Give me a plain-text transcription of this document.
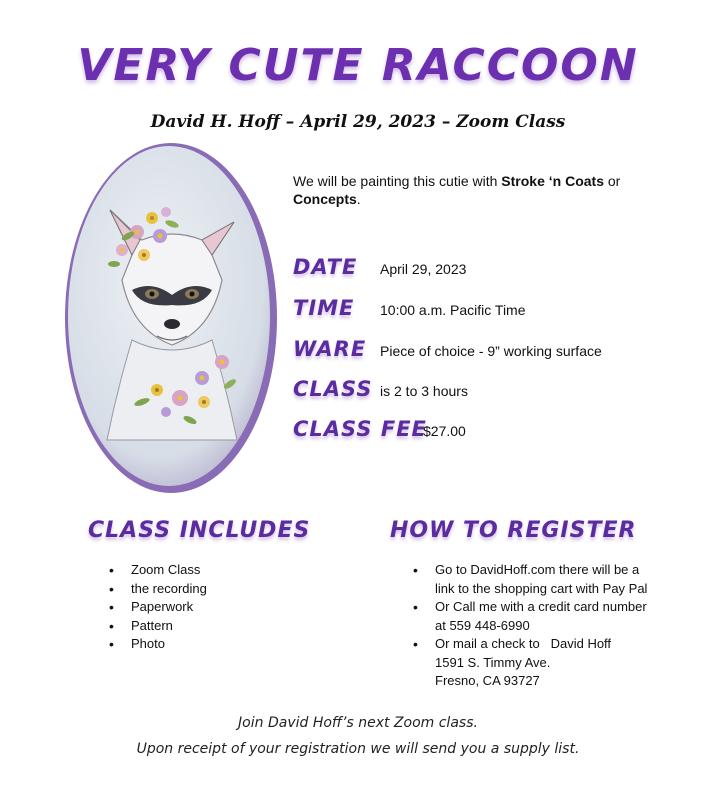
VERY CUTE RACCOON
David H. Hoff – April 29, 2023 – Zoom Class
We will be painting this cutie with Stroke ‘n Coats or Concepts.
DATE April 29, 2023
TIME 10:00 a.m. Pacific Time
WARE Piece of choice - 9” working surface
CLASS is 2 to 3 hours
CLASS FEE
$27.00
CLASS INCLUDES
• Zoom Class
• the recording
• Paperwork
• Pattern
• Photo
HOW TO REGISTER
• Go to DavidHoff.com there will be a
link to the shopping cart with Pay Pal
• Or Call me with a credit card number
at 559 448-6990
• Or mail a check to   David Hoff
1591 S. Timmy Ave.
Fresno, CA 93727
Join David Hoff’s next Zoom class.
Upon receipt of your registration we will send you a supply list.
